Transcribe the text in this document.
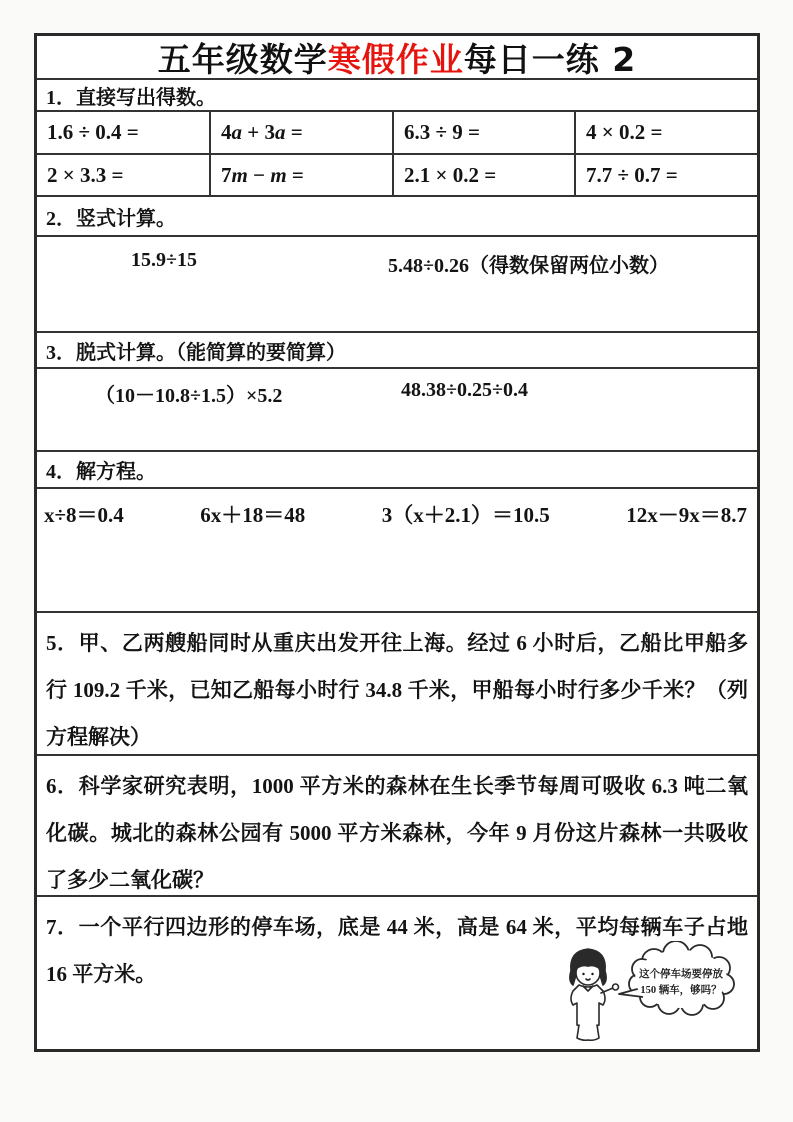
五年级数学寒假作业每日一练 2
1．直接写出得数。
1.6 ÷ 0.4 =	4 a + 3 a =	6.3 ÷ 9 =	4 × 0.2 =
2 × 3.3 =	7 m − m =	2.1 × 0.2 =	7.7 ÷ 0.7 =
2．竖式计算。
15.9÷15	5.48÷0.26（得数保留两位小数）
3．脱式计算。（能简算的要简算）
（10－10.8÷1.5）×5.2	48.38÷0.25÷0.4
4．解方程。
x÷8＝0.4	6x＋18＝48	3（x＋2.1）＝10.5	12x－9x＝8.7
5．甲、乙两艘船同时从重庆出发开往上海。经过 6 小时后，乙船比甲船多行 109.2 千米，已知乙船每小时行 34.8 千米，甲船每小时行多少千米？（列方程解决）
6．科学家研究表明，1000 平方米的森林在生长季节每周可吸收 6.3 吨二氧化碳。城北的森林公园有 5000 平方米森林，今年 9 月份这片森林一共吸收了多少二氧化碳？
7．一个平行四边形的停车场，底是 44 米，高是 64 米，平均每辆车子占地 16 平方米。	这个停车场要停放
150 辆车，够吗？
